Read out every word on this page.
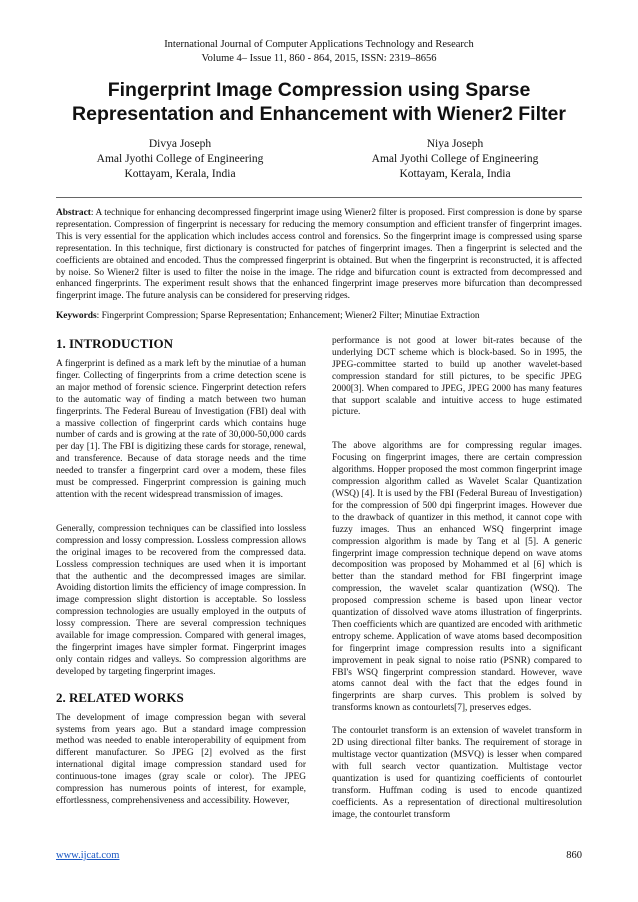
International Journal of Computer Applications Technology and Research
Volume 4– Issue 11, 860 - 864, 2015, ISSN: 2319–8656
Fingerprint Image Compression using Sparse Representation and Enhancement with Wiener2 Filter
Divya Joseph
Amal Jyothi College of Engineering
Kottayam, Kerala, India
Niya Joseph
Amal Jyothi College of Engineering
Kottayam, Kerala, India
Abstract: A technique for enhancing decompressed fingerprint image using Wiener2 filter is proposed. First compression is done by sparse representation. Compression of fingerprint is necessary for reducing the memory consumption and efficient transfer of fingerprint images. This is very essential for the application which includes access control and forensics. So the fingerprint image is compressed using sparse representation. In this technique, first dictionary is constructed for patches of fingerprint images. Then a fingerprint is selected and the coefficients are obtained and encoded. Thus the compressed fingerprint is obtained. But when the fingerprint is reconstructed, it is affected by noise. So Wiener2 filter is used to filter the noise in the image. The ridge and bifurcation count is extracted from decompressed and enhanced fingerprints. The experiment result shows that the enhanced fingerprint image preserves more bifurcation than decompressed fingerprint image. The future analysis can be considered for preserving ridges.
Keywords: Fingerprint Compression; Sparse Representation; Enhancement; Wiener2 Filter; Minutiae Extraction
1. INTRODUCTION

A fingerprint is defined as a mark left by the minutiae of a human finger. Collecting of fingerprints from a crime detection scene is an major method of forensic science. Fingerprint detection refers to the automatic way of finding a match between two human fingerprints. The Federal Bureau of Investigation (FBI) deal with a massive collection of fingerprint cards which contains huge number of cards and is growing at the rate of 30,000-50,000 cards per day [1]. The FBI is digitizing these cards for storage, renewal, and transference. Because of data storage needs and the time needed to transfer a fingerprint card over a modem, these files must be compressed. Fingerprint compression is gaining much attention with the recent widespread transmission of images.

Generally, compression techniques can be classified into lossless compression and lossy compression. Lossless compression allows the original images to be recovered from the compressed data. Lossless compression techniques are used when it is important that the authentic and the decompressed images are similar. Avoiding distortion limits the efficiency of image compression. In image compression slight distortion is acceptable. So lossless compression technologies are usually employed in the outputs of lossy compression. There are several compression techniques available for image compression. Compared with general images, the fingerprint images have simpler format. Fingerprint images only contain ridges and valleys. So compression algorithms are developed by targeting fingerprint images.

2. RELATED WORKS

The development of image compression began with several systems from years ago. But a standard image compression method was needed to enable interoperability of equipment from different manufacturer. So JPEG [2] evolved as the first international digital image compression standard used for continuous-tone images (gray scale or color). The JPEG compression has numerous points of interest, for example, effortlessness, comprehensiveness and accessibility. However,

performance is not good at lower bit-rates because of the underlying DCT scheme which is block-based. So in 1995, the JPEG-committee started to build up another wavelet-based compression standard for still pictures, to be specific JPEG 2000[3]. When compared to JPEG, JPEG 2000 has many features that support scalable and intuitive access to huge estimated picture.

The above algorithms are for compressing regular images. Focusing on fingerprint images, there are certain compression algorithms. Hopper proposed the most common fingerprint image compression algorithm called as Wavelet Scalar Quantization (WSQ) [4]. It is used by the FBI (Federal Bureau of Investigation) for the compression of 500 dpi fingerprint images. However due to the drawback of quantizer in this method, it cannot cope with fuzzy images. Thus an enhanced WSQ fingerprint image compression algorithm is made by Tang et al [5]. A generic fingerprint image compression technique depend on wave atoms decomposition was proposed by Mohammed et al [6] which is better than the standard method for FBI fingerprint image compression, the wavelet scalar quantization (WSQ). The proposed compression scheme is based upon linear vector quantization of dissolved wave atoms illustration of fingerprints. Then coefficients which are quantized are encoded with arithmetic entropy scheme. Application of wave atoms based decomposition for fingerprint image compression results into a significant improvement in peak signal to noise ratio (PSNR) compared to FBI's WSQ fingerprint compression standard. However, wave atoms cannot deal with the fact that the edges found in fingerprints are sharp curves. This problem is solved by transforms known as contourlets[7], preserves edges.

The contourlet transform is an extension of wavelet transform in 2D using directional filter banks. The requirement of storage in multistage vector quantization (MSVQ) is lesser when compared with full search vector quantization. Multistage vector quantization is used for quantizing coefficients of contourlet transform. Huffman coding is used to encode quantized coefficients. As a representation of directional multiresolution image, the contourlet transform

www.ijcat.com	860
